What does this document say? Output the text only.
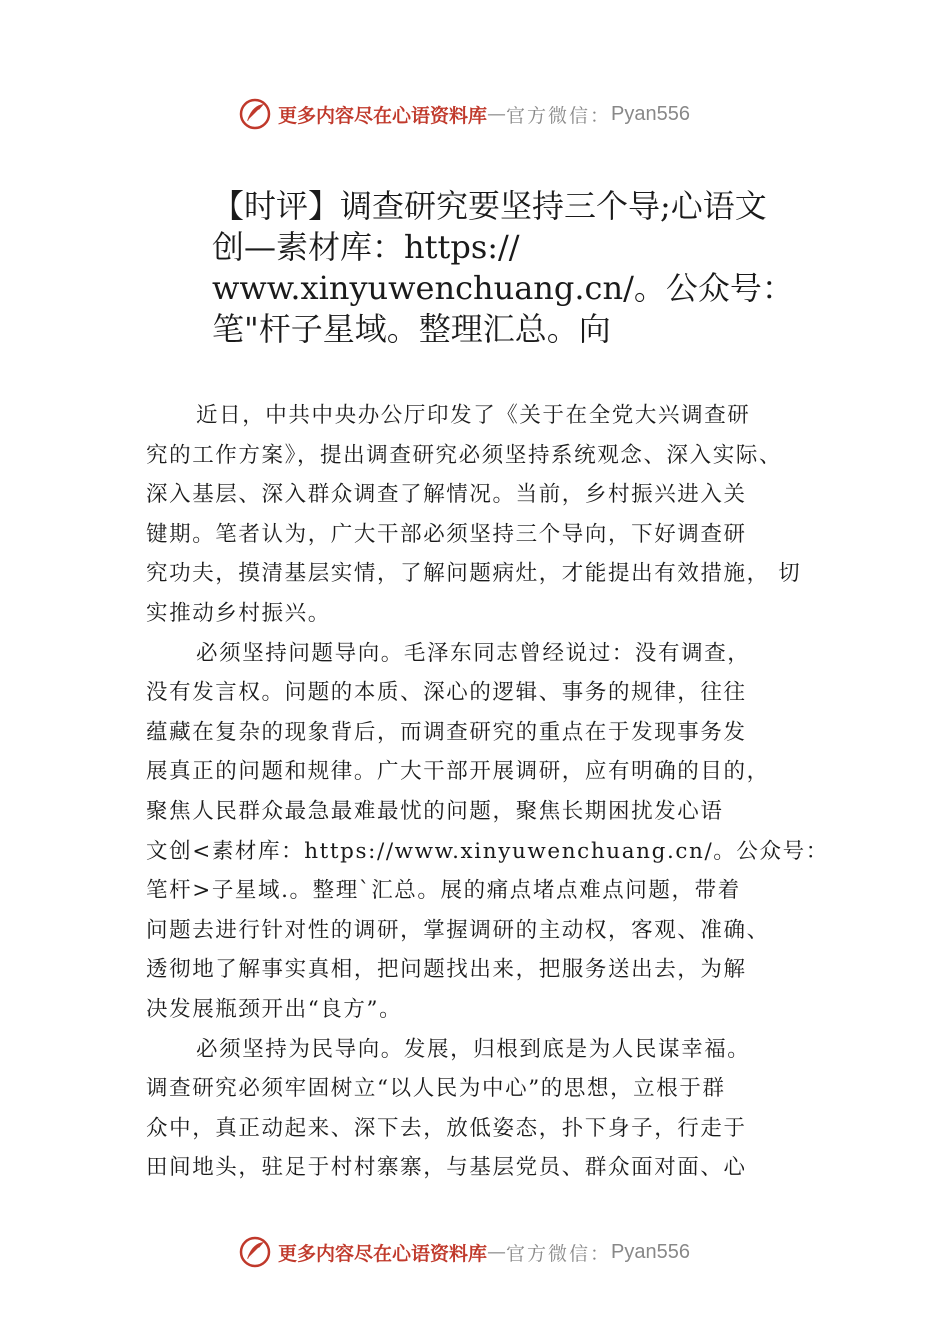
更多内容尽在心语资料库 — 官方微信： Pyan556
【时评】调查研究要坚持三个导;心语文
创—素材库：https://
www.xinyuwenchuang.cn/。公众号：
笔"杆子星域。整理汇总。向
近日，中共中央办公厅印发了《关于在全党大兴调查研
究的工作方案》，提出调查研究必须坚持系统观念、深入实际、
深入基层、深入群众调查了解情况。当前，乡村振兴进入关
键期。笔者认为，广大干部必须坚持三个导向，下好调查研
究功夫，摸清基层实情，了解问题病灶，才能提出有效措施， 切
实推动乡村振兴。
必须坚持问题导向。毛泽东同志曾经说过：没有调查，
没有发言权。问题的本质、深心的逻辑、事务的规律，往往
蕴藏在复杂的现象背后，而调查研究的重点在于发现事务发
展真正的问题和规律。广大干部开展调研，应有明确的目的，
聚焦人民群众最急最难最忧的问题，聚焦长期困扰发心语
文创<素材库：https://www.xinyuwenchuang.cn/。公众号：
笔杆>子星域.。整理`汇总。展的痛点堵点难点问题，带着
问题去进行针对性的调研，掌握调研的主动权，客观、准确、
透彻地了解事实真相，把问题找出来，把服务送出去，为解
决发展瓶颈开出“良方”。
必须坚持为民导向。发展，归根到底是为人民谋幸福。
调查研究必须牢固树立“以人民为中心”的思想，立根于群
众中，真正动起来、深下去，放低姿态，扑下身子，行走于
田间地头，驻足于村村寨寨，与基层党员、群众面对面、心
更多内容尽在心语资料库 — 官方微信： Pyan556
